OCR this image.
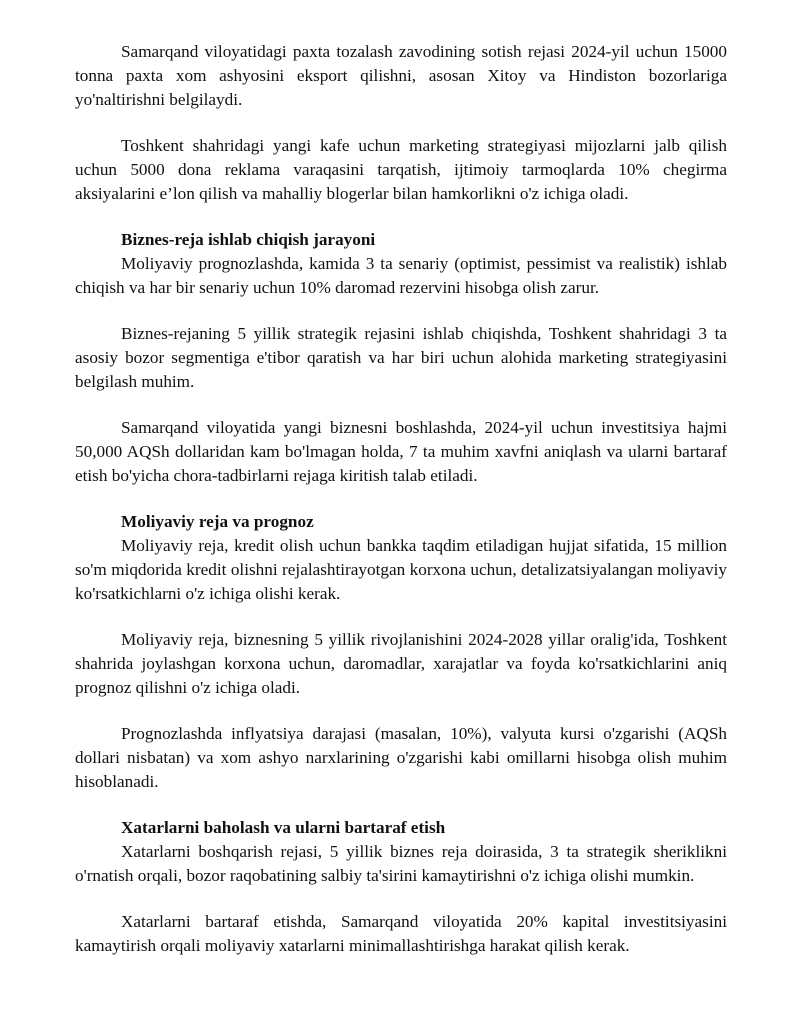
Samarqand viloyatidagi paxta tozalash zavodining sotish rejasi 2024-yil uchun 15000 tonna paxta xom ashyosini eksport qilishni, asosan Xitoy va Hindiston bozorlariga yo'naltirishni belgilaydi.

Toshkent shahridagi yangi kafe uchun marketing strategiyasi mijozlarni jalb qilish uchun 5000 dona reklama varaqasini tarqatish, ijtimoiy tarmoqlarda 10% chegirma aksiyalarini e’lon qilish va mahalliy blogerlar bilan hamkorlikni o'z ichiga oladi.

Biznes-reja ishlab chiqish jarayoni

Moliyaviy prognozlashda, kamida 3 ta senariy (optimist, pessimist va realistik) ishlab chiqish va har bir senariy uchun 10% daromad rezervini hisobga olish zarur.

Biznes-rejaning 5 yillik strategik rejasini ishlab chiqishda, Toshkent shahridagi 3 ta asosiy bozor segmentiga e'tibor qaratish va har biri uchun alohida marketing strategiyasini belgilash muhim.

Samarqand viloyatida yangi biznesni boshlashda, 2024-yil uchun investitsiya hajmi 50,000 AQSh dollaridan kam bo'lmagan holda, 7 ta muhim xavfni aniqlash va ularni bartaraf etish bo'yicha chora-tadbirlarni rejaga kiritish talab etiladi.

Moliyaviy reja va prognoz

Moliyaviy reja, kredit olish uchun bankka taqdim etiladigan hujjat sifatida, 15 million so'm miqdorida kredit olishni rejalashtirayotgan korxona uchun, detalizatsiyalangan moliyaviy ko'rsatkichlarni o'z ichiga olishi kerak.

Moliyaviy reja, biznesning 5 yillik rivojlanishini 2024-2028 yillar oralig'ida, Toshkent shahrida joylashgan korxona uchun, daromadlar, xarajatlar va foyda ko'rsatkichlarini aniq prognoz qilishni o'z ichiga oladi.

Prognozlashda inflyatsiya darajasi (masalan, 10%), valyuta kursi o'zgarishi (AQSh dollari nisbatan) va xom ashyo narxlarining o'zgarishi kabi omillarni hisobga olish muhim hisoblanadi.

Xatarlarni baholash va ularni bartaraf etish

Xatarlarni boshqarish rejasi, 5 yillik biznes reja doirasida, 3 ta strategik sheriklikni o'rnatish orqali, bozor raqobatining salbiy ta'sirini kamaytirishni o'z ichiga olishi mumkin.

Xatarlarni bartaraf etishda, Samarqand viloyatida 20% kapital investitsiyasini kamaytirish orqali moliyaviy xatarlarni minimallashtirishga harakat qilish kerak.
